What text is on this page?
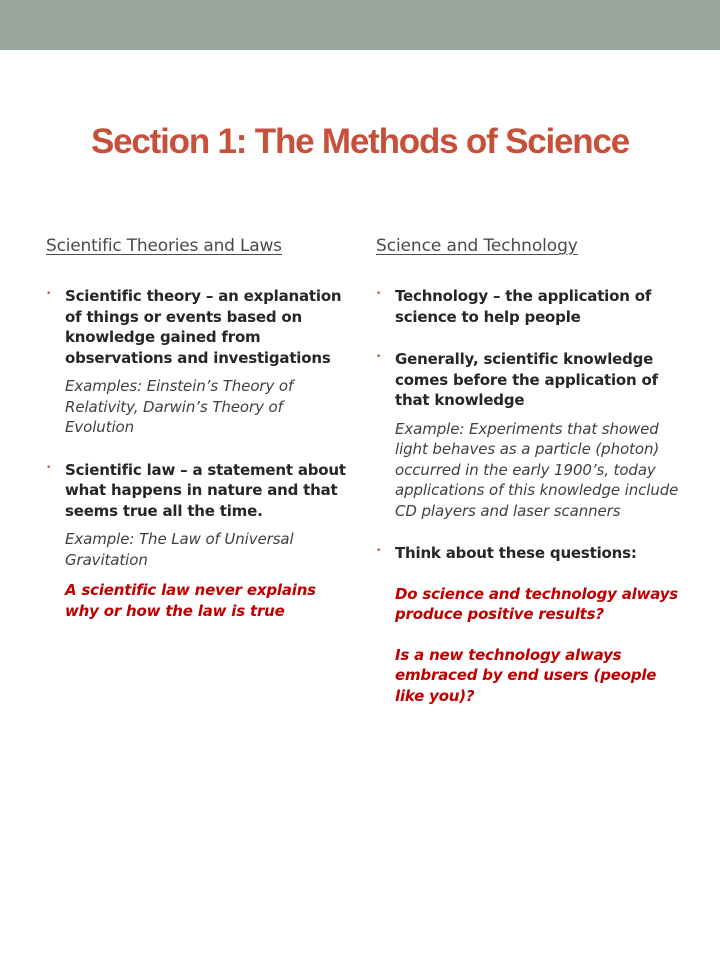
Section 1: The Methods of Science
Scientific Theories and Laws
• Scientific theory – an explanation of things or events based on knowledge gained from observations and investigations
Examples: Einstein’s Theory of Relativity, Darwin’s Theory of Evolution
• Scientific law – a statement about what happens in nature and that seems true all the time.
Example: The Law of Universal Gravitation
A scientific law never explains why or how the law is true
Science and Technology
• Technology – the application of science to help people
• Generally, scientific knowledge comes before the application of that knowledge
Example: Experiments that showed light behaves as a particle (photon) occurred in the early 1900’s, today applications of this knowledge include CD players and laser scanners
• Think about these questions:
Do science and technology always produce positive results?
Is a new technology always embraced by end users (people like you)?
